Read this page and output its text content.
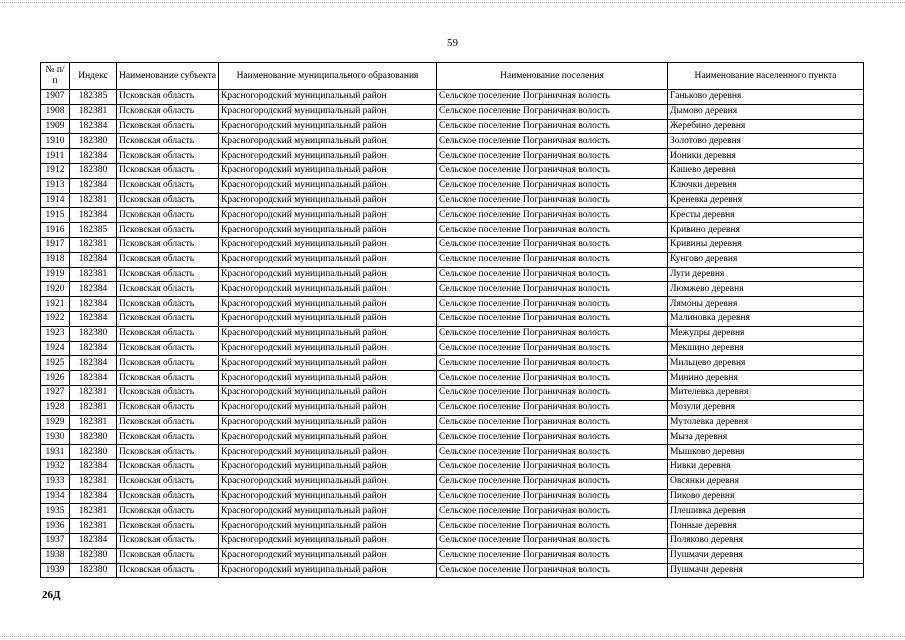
59
№ п/п	Индекс	Наименование субъекта	Наименование муниципального образования	Наименование поселения	Наименование населенного пункта
1907	182385	Псковская область	Красногородский муниципальный район	Сельское поселение Пограничная волость	Ганьково деревня
1908	182381	Псковская область	Красногородский муниципальный район	Сельское поселение Пограничная волость	Дымово деревня
1909	182384	Псковская область	Красногородский муниципальный район	Сельское поселение Пограничная волость	Жеребино деревня
1910	182380	Псковская область	Красногородский муниципальный район	Сельское поселение Пограничная волость	Золотово деревня
1911	182384	Псковская область	Красногородский муниципальный район	Сельское поселение Пограничная волость	Ионики деревня
1912	182380	Псковская область	Красногородский муниципальный район	Сельское поселение Пограничная волость	Кашево деревня
1913	182384	Псковская область	Красногородский муниципальный район	Сельское поселение Пограничная волость	Ключки деревня
1914	182381	Псковская область	Красногородский муниципальный район	Сельское поселение Пограничная волость	Креневка деревня
1915	182384	Псковская область	Красногородский муниципальный район	Сельское поселение Пограничная волость	Кресты деревня
1916	182385	Псковская область	Красногородский муниципальный район	Сельское поселение Пограничная волость	Кривино деревня
1917	182381	Псковская область	Красногородский муниципальный район	Сельское поселение Пограничная волость	Кривины деревня
1918	182384	Псковская область	Красногородский муниципальный район	Сельское поселение Пограничная волость	Кунгово деревня
1919	182381	Псковская область	Красногородский муниципальный район	Сельское поселение Пограничная волость	Луги деревня
1920	182384	Псковская область	Красногородский муниципальный район	Сельское поселение Пограничная волость	Люмжево деревня
1921	182384	Псковская область	Красногородский муниципальный район	Сельское поселение Пограничная волость	Лямоны деревня
1922	182384	Псковская область	Красногородский муниципальный район	Сельское поселение Пограничная волость	Малиновка деревня
1923	182380	Псковская область	Красногородский муниципальный район	Сельское поселение Пограничная волость	Межупры деревня
1924	182384	Псковская область	Красногородский муниципальный район	Сельское поселение Пограничная волость	Мекшино деревня
1925	182384	Псковская область	Красногородский муниципальный район	Сельское поселение Пограничная волость	Мильцево деревня
1926	182384	Псковская область	Красногородский муниципальный район	Сельское поселение Пограничная волость	Минино деревня
1927	182381	Псковская область	Красногородский муниципальный район	Сельское поселение Пограничная волость	Мителевка деревня
1928	182381	Псковская область	Красногородский муниципальный район	Сельское поселение Пограничная волость	Мозули деревня
1929	182381	Псковская область	Красногородский муниципальный район	Сельское поселение Пограничная волость	Мутолевка деревня
1930	182380	Псковская область	Красногородский муниципальный район	Сельское поселение Пограничная волость	Мыза деревня
1931	182380	Псковская область	Красногородский муниципальный район	Сельское поселение Пограничная волость	Мышково деревня
1932	182384	Псковская область	Красногородский муниципальный район	Сельское поселение Пограничная волость	Нивки деревня
1933	182381	Псковская область	Красногородский муниципальный район	Сельское поселение Пограничная волость	Овсянки деревня
1934	182384	Псковская область	Красногородский муниципальный район	Сельское поселение Пограничная волость	Пиково деревня
1935	182381	Псковская область	Красногородский муниципальный район	Сельское поселение Пограничная волость	Плешивка деревня
1936	182381	Псковская область	Красногородский муниципальный район	Сельское поселение Пограничная волость	Понные деревня
1937	182384	Псковская область	Красногородский муниципальный район	Сельское поселение Пограничная волость	Поляково деревня
1938	182380	Псковская область	Красногородский муниципальный район	Сельское поселение Пограничная волость	Пушмачи деревня
1939	182380	Псковская область	Красногородский муниципальный район	Сельское поселение Пограничная волость	Пушмачи деревня
26Д
